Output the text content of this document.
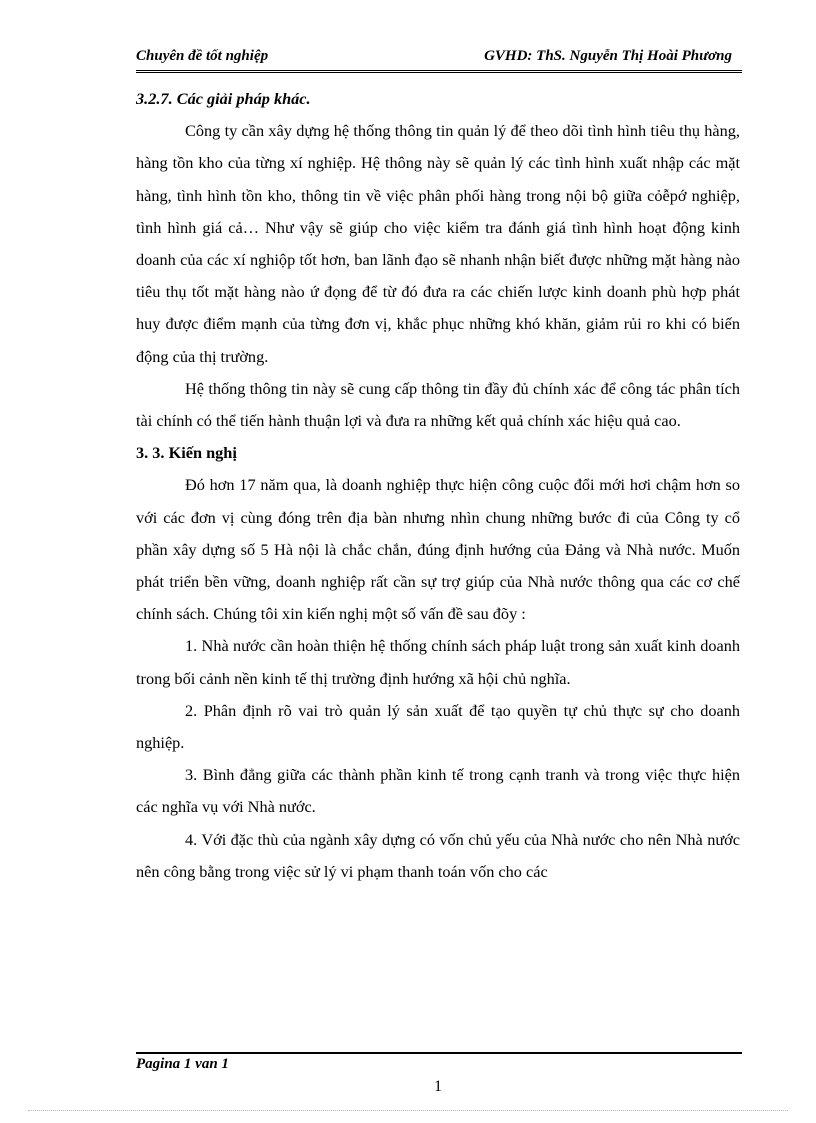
Chuyên đề tốt nghiệp	GVHD: ThS. Nguyễn Thị Hoài Phương

3.2.7. Các giải pháp khác.

Công ty cần xây dựng hệ thống thông tin quản lý để theo dõi tình hình tiêu thụ hàng, hàng tồn kho của từng xí nghiệp. Hệ thông này sẽ quản lý các tình hình xuất nhập các mặt hàng, tình hình tồn kho, thông tin về việc phân phối hàng trong nội bộ giữa cỏễpớ nghiệp, tình hình giá cả… Như vậy sẽ giúp cho việc kiểm tra đánh giá tình hình hoạt động kinh doanh của các xí nghiộp tốt hơn, ban lãnh đạo sẽ nhanh nhận biết được những mặt hàng nào tiêu thụ tốt mặt hàng nào ứ đọng để từ đó đưa ra các chiến lược kinh doanh phù hợp phát huy được điểm mạnh của từng đơn vị, khắc phục những khó khăn, giảm rủi ro khi có biến động của thị trường.

Hệ thống thông tin này sẽ cung cấp thông tin đầy đủ chính xác để công tác phân tích tài chính có thể tiến hành thuận lợi và đưa ra những kết quả chính xác hiệu quả cao.

3. 3. Kiến nghị

Đó hơn 17 năm qua, là doanh nghiệp thực hiện công cuộc đổi mới hơi chậm hơn so với các đơn vị cùng đóng trên địa bàn nhưng nhìn chung những bước đi của Công ty cổ phần xây dựng số 5 Hà nội là chắc chắn, đúng định hướng của Đảng và Nhà nước. Muốn phát triển bền vững, doanh nghiệp rất cần sự trợ giúp của Nhà nước thông qua các cơ chế chính sách. Chúng tôi xin kiến nghị một số vấn đề sau đõy :

1. Nhà nước cần hoàn thiện hệ thống chính sách pháp luật trong sản xuất kinh doanh trong bối cảnh nền kinh tế thị trường định hướng xã hội chủ nghĩa.

2. Phân định rõ vai trò quản lý sản xuất để tạo quyền tự chủ thực sự cho doanh nghiệp.

3. Bình đẳng giữa các thành phần kinh tế trong cạnh tranh và trong việc thực hiện các nghĩa vụ với Nhà nước.

4. Với đặc thù của ngành xây dựng có vốn chủ yếu của Nhà nước cho nên Nhà nước nên công bằng trong việc sử lý vi phạm thanh toán vốn cho các

Pagina 1 van 1
1
